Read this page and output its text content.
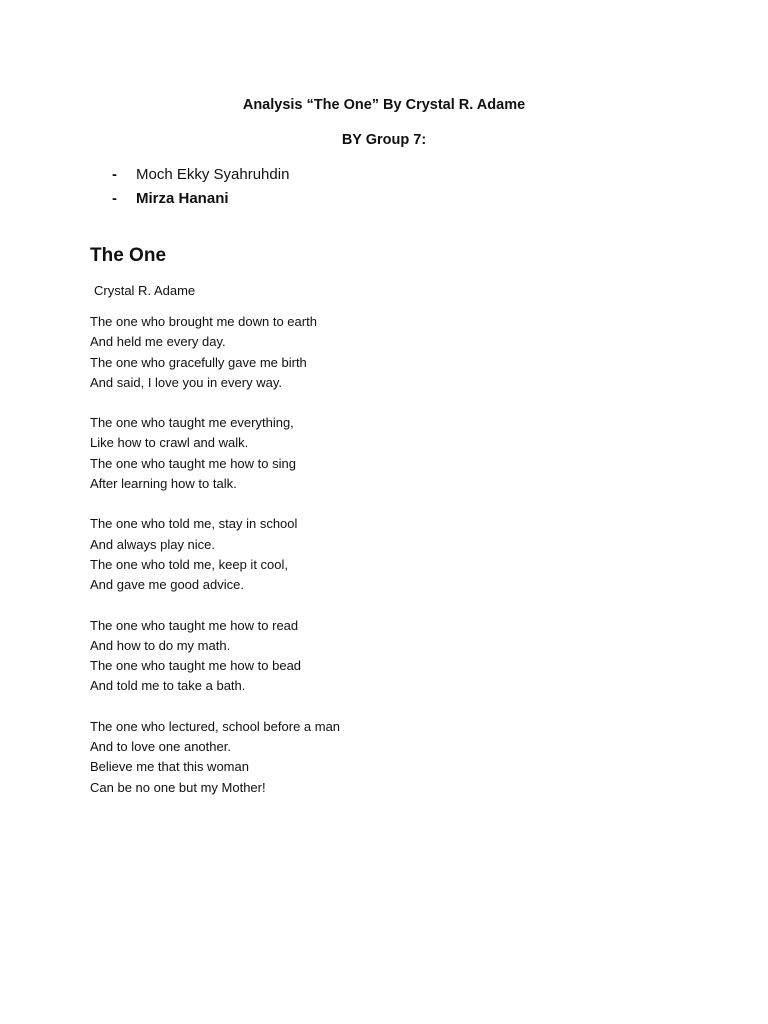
Analysis “The One” By Crystal R. Adame
BY Group 7:
- Moch Ekky Syahruhdin
- Mirza Hanani
The One
Crystal R. Adame
The one who brought me down to earth
And held me every day.
The one who gracefully gave me birth
And said, I love you in every way.
The one who taught me everything,
Like how to crawl and walk.
The one who taught me how to sing
After learning how to talk.
The one who told me, stay in school
And always play nice.
The one who told me, keep it cool,
And gave me good advice.
The one who taught me how to read
And how to do my math.
The one who taught me how to bead
And told me to take a bath.
The one who lectured, school before a man
And to love one another.
Believe me that this woman
Can be no one but my Mother!
